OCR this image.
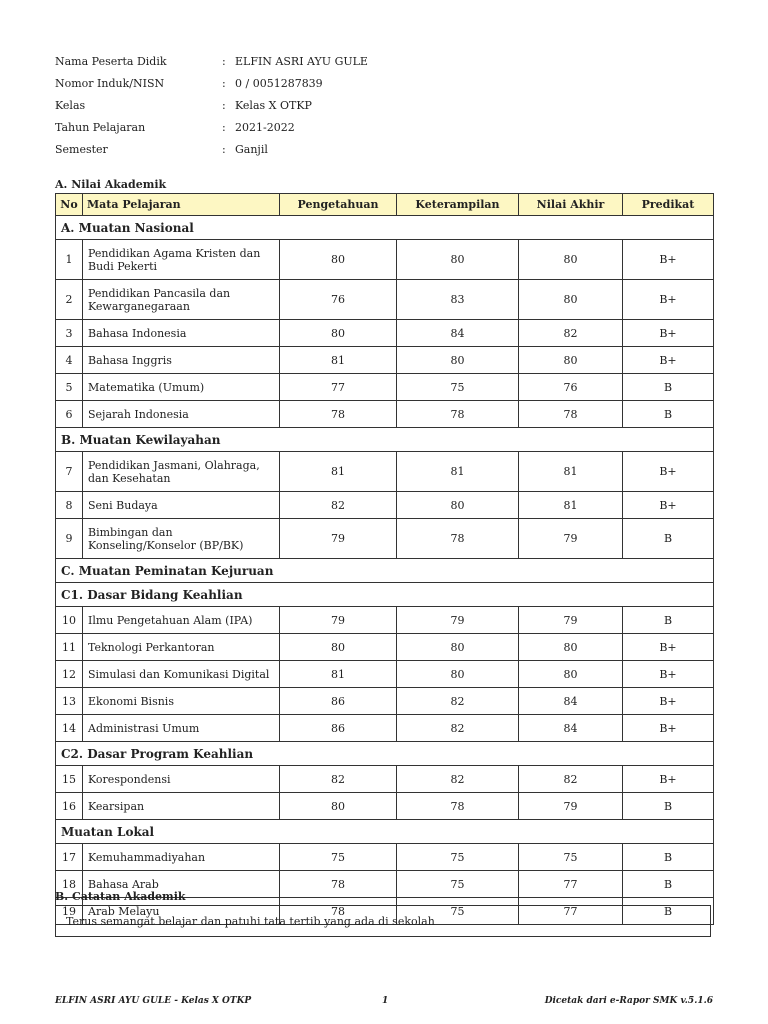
Nama Peserta Didik	: ELFIN ASRI AYU GULE
Nomor Induk/NISN	: 0 / 0051287839
Kelas	: Kelas X OTKP
Tahun Pelajaran	: 2021-2022
Semester	: Ganjil
A. Nilai Akademik
No	Mata Pelajaran	Pengetahuan	Keterampilan	Nilai Akhir	Predikat
A. Muatan Nasional					
1	Pendidikan Agama Kristen dan Budi Pekerti	80	80	80	B+
2	Pendidikan Pancasila dan Kewarganegaraan	76	83	80	B+
3	Bahasa Indonesia	80	84	82	B+
4	Bahasa Inggris	81	80	80	B+
5	Matematika (Umum)	77	75	76	B
6	Sejarah Indonesia	78	78	78	B
B. Muatan Kewilayahan					
7	Pendidikan Jasmani, Olahraga, dan Kesehatan	81	81	81	B+
8	Seni Budaya	82	80	81	B+
9	Bimbingan dan Konseling/Konselor (BP/BK)	79	78	79	B
C. Muatan Peminatan Kejuruan					
C1. Dasar Bidang Keahlian					
10	Ilmu Pengetahuan Alam (IPA)	79	79	79	B
11	Teknologi Perkantoran	80	80	80	B+
12	Simulasi dan Komunikasi Digital	81	80	80	B+
13	Ekonomi Bisnis	86	82	84	B+
14	Administrasi Umum	86	82	84	B+
C2. Dasar Program Keahlian					
15	Korespondensi	82	82	82	B+
16	Kearsipan	80	78	79	B
Muatan Lokal					
17	Kemuhammadiyahan	75	75	75	B
18	Bahasa Arab	78	75	77	B
19	Arab Melayu	78	75	77	B
B. Catatan Akademik
Terus semangat belajar dan patuhi tata tertib yang ada di sekolah
ELFIN ASRI AYU GULE - Kelas X OTKP	1	Dicetak dari e-Rapor SMK v.5.1.6
